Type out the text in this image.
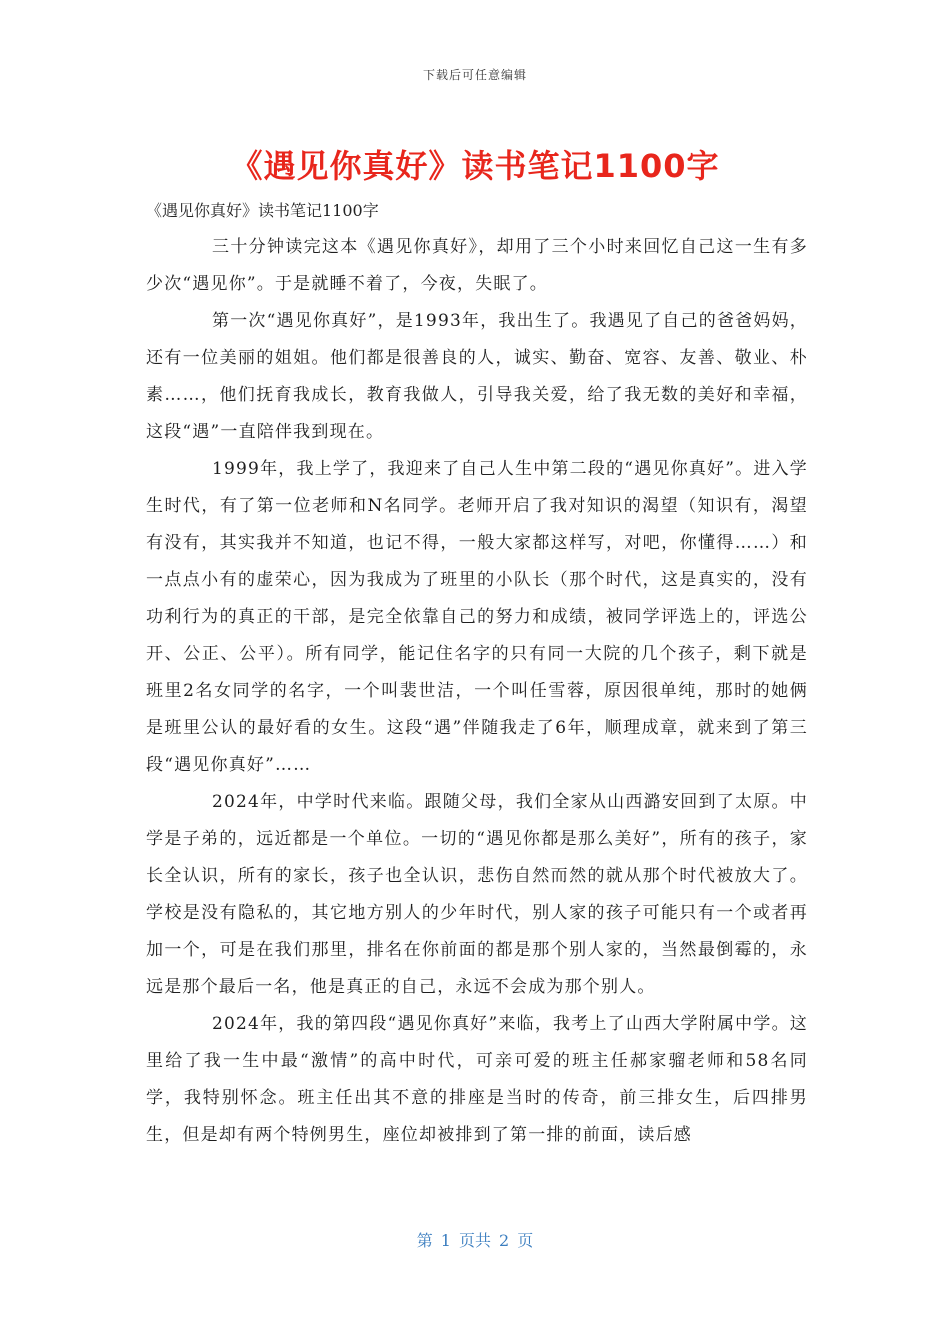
下载后可任意编辑
《遇见你真好》读书笔记1100字

《遇见你真好》读书笔记1100字

三十分钟读完这本《遇见你真好》，却用了三个小时来回忆自己这一生有多少次“遇见你”。于是就睡不着了，今夜，失眠了。

第一次“遇见你真好”，是1993年，我出生了。我遇见了自己的爸爸妈妈，还有一位美丽的姐姐。他们都是很善良的人，诚实、勤奋、宽容、友善、敬业、朴素……，他们抚育我成长，教育我做人，引导我关爱，给了我无数的美好和幸福，这段“遇”一直陪伴我到现在。

1999年，我上学了，我迎来了自己人生中第二段的“遇见你真好”。进入学生时代，有了第一位老师和N名同学。老师开启了我对知识的渴望（知识有，渴望有没有，其实我并不知道，也记不得，一般大家都这样写，对吧，你懂得……）和一点点小有的虚荣心，因为我成为了班里的小队长（那个时代，这是真实的，没有功利行为的真正的干部，是完全依靠自己的努力和成绩，被同学评选上的，评选公开、公正、公平）。所有同学，能记住名字的只有同一大院的几个孩子，剩下就是班里2名女同学的名字，一个叫裴世洁，一个叫任雪蓉，原因很单纯，那时的她俩是班里公认的最好看的女生。这段“遇”伴随我走了6年，顺理成章，就来到了第三段“遇见你真好”……

2024年，中学时代来临。跟随父母，我们全家从山西潞安回到了太原。中学是子弟的，远近都是一个单位。一切的“遇见你都是那么美好”，所有的孩子，家长全认识，所有的家长，孩子也全认识，悲伤自然而然的就从那个时代被放大了。学校是没有隐私的，其它地方别人的少年时代，别人家的孩子可能只有一个或者再加一个，可是在我们那里，排名在你前面的都是那个别人家的，当然最倒霉的，永远是那个最后一名，他是真正的自己，永远不会成为那个别人。

2024年，我的第四段“遇见你真好”来临，我考上了山西大学附属中学。这里给了我一生中最“激情”的高中时代，可亲可爱的班主任郝家骝老师和58名同学，我特别怀念。班主任出其不意的排座是当时的传奇，前三排女生，后四排男生，但是却有两个特例男生，座位却被排到了第一排的前面，读后感

第 1 页共 2 页
